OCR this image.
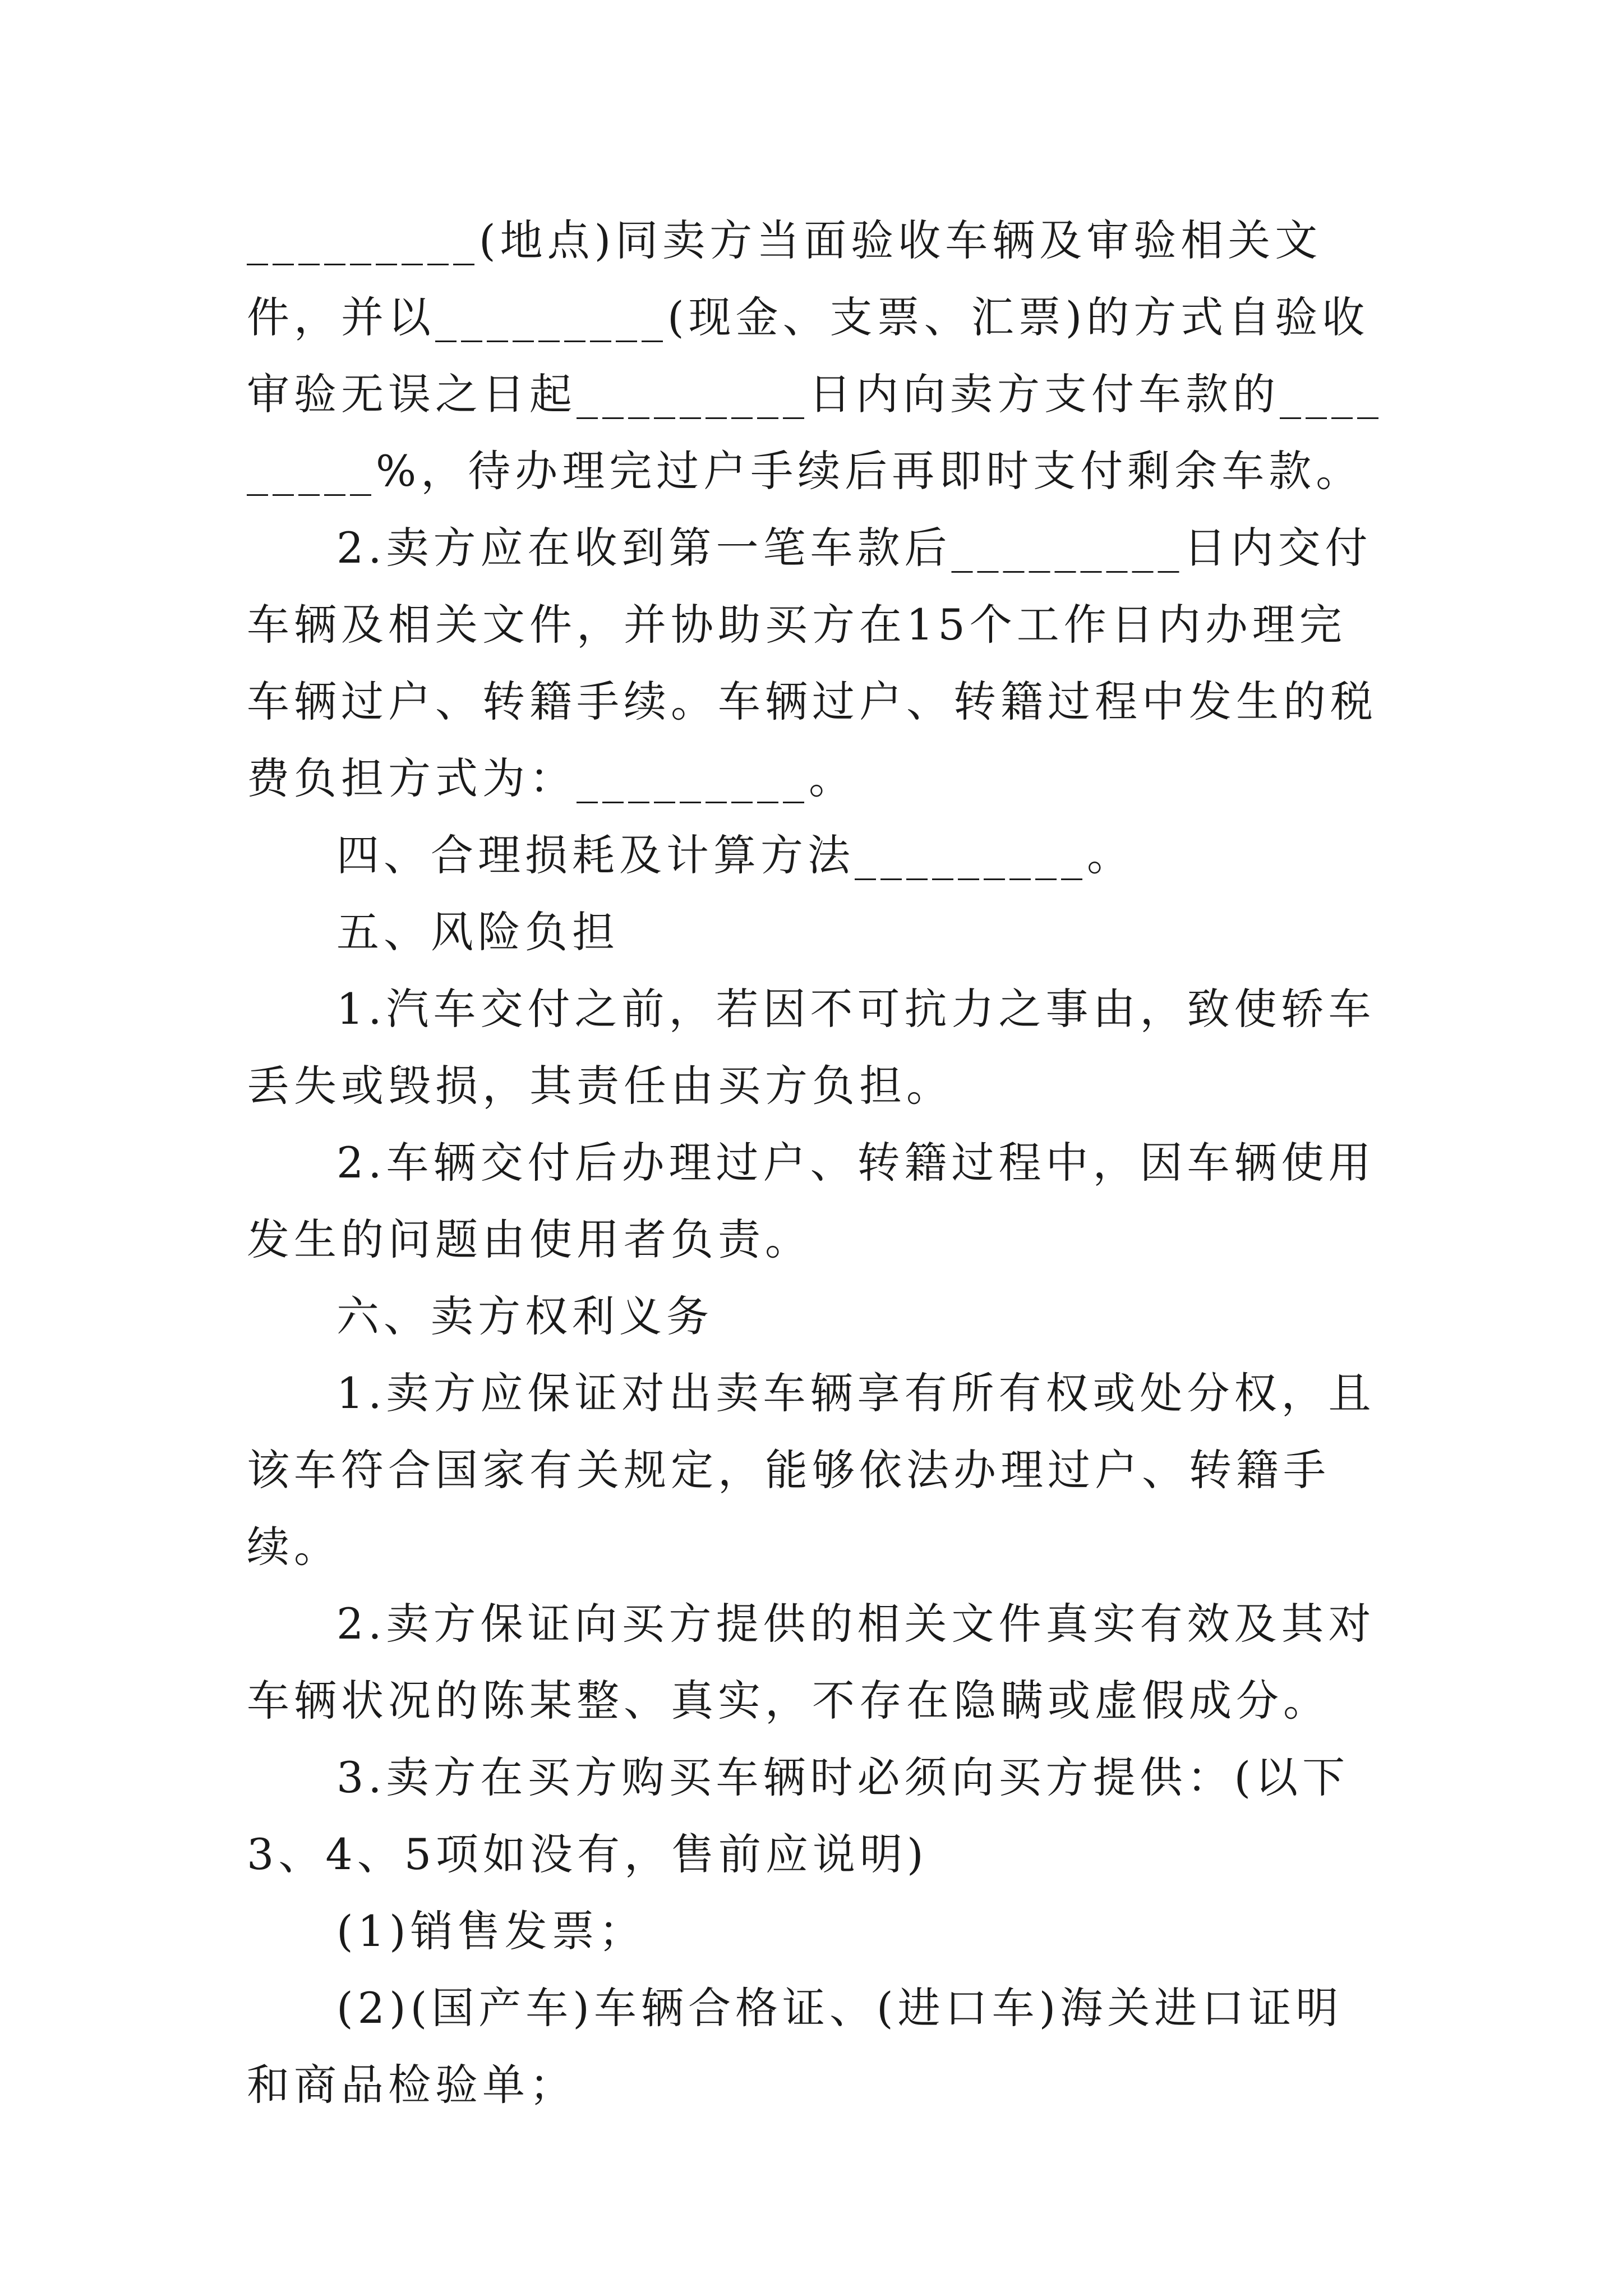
_________(地点)同卖方当面验收车辆及审验相关文件，并以_________(现金、支票、汇票)的方式自验收审验无误之日起_________日内向卖方支付车款的_________%，待办理完过户手续后再即时支付剩余车款。

2.卖方应在收到第一笔车款后_________日内交付车辆及相关文件，并协助买方在15个工作日内办理完车辆过户、转籍手续。车辆过户、转籍过程中发生的税费负担方式为：_________。

四、合理损耗及计算方法_________。

五、风险负担

1.汽车交付之前，若因不可抗力之事由，致使轿车丢失或毁损，其责任由买方负担。

2.车辆交付后办理过户、转籍过程中，因车辆使用发生的问题由使用者负责。

六、卖方权利义务

1.卖方应保证对出卖车辆享有所有权或处分权，且该车符合国家有关规定，能够依法办理过户、转籍手续。

2.卖方保证向买方提供的相关文件真实有效及其对车辆状况的陈某整、真实，不存在隐瞒或虚假成分。

3.卖方在买方购买车辆时必须向买方提供：(以下3、4、5项如没有，售前应说明)

(1)销售发票；

(2)(国产车)车辆合格证、(进口车)海关进口证明和商品检验单；
